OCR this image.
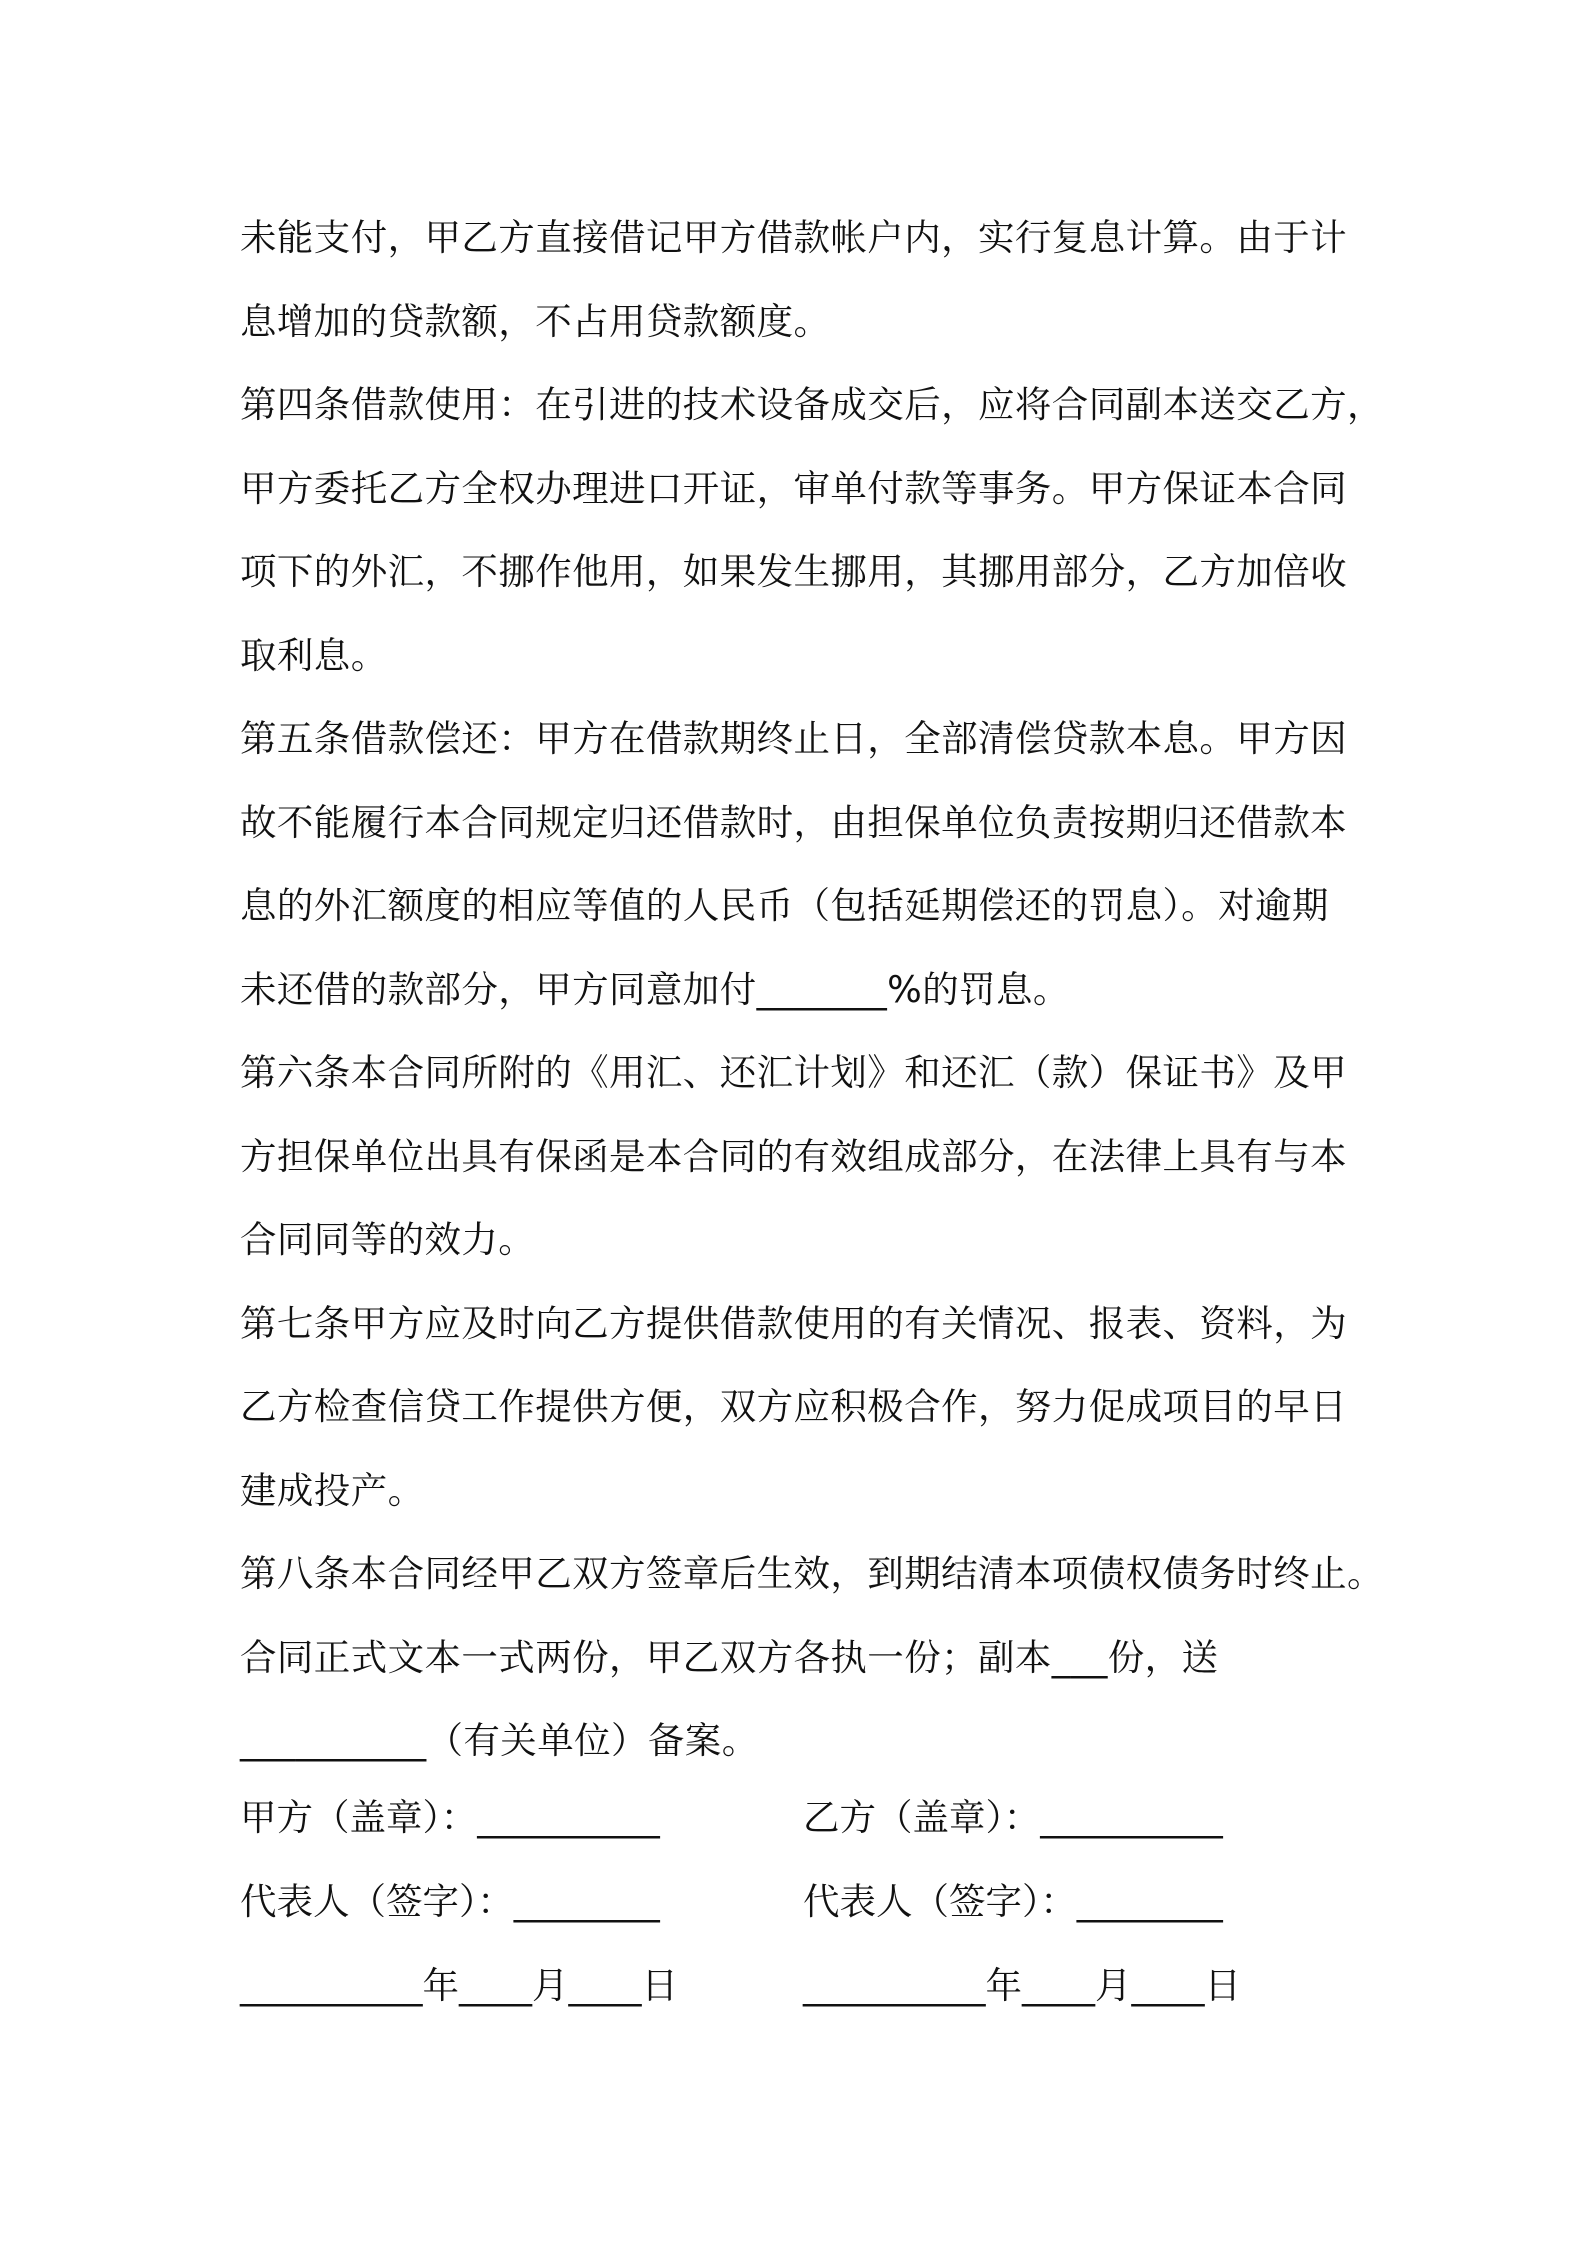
未能支付，甲乙方直接借记甲方借款帐户内，实行复息计算。由于计
息增加的贷款额，不占用贷款额度。
第四条借款使用：在引进的技术设备成交后，应将合同副本送交乙方，
甲方委托乙方全权办理进口开证，审单付款等事务。甲方保证本合同
项下的外汇，不挪作他用，如果发生挪用，其挪用部分，乙方加倍收
取利息。
第五条借款偿还：甲方在借款期终止日，全部清偿贷款本息。甲方因
故不能履行本合同规定归还借款时，由担保单位负责按期归还借款本
息的外汇额度的相应等值的人民币（包括延期偿还的罚息）。对逾期
未还借的款部分，甲方同意加付_______%的罚息。
第六条本合同所附的《用汇、还汇计划》和还汇（款）保证书》及甲
方担保单位出具有保函是本合同的有效组成部分，在法律上具有与本
合同同等的效力。
第七条甲方应及时向乙方提供借款使用的有关情况、报表、资料，为
乙方检查信贷工作提供方便，双方应积极合作，努力促成项目的早日
建成投产。
第八条本合同经甲乙双方签章后生效，到期结清本项债权债务时终止。
合同正式文本一式两份，甲乙双方各执一份；副本___份，送
__________（有关单位）备案。
甲方（盖章）：__________	乙方（盖章）：__________
代表人（签字）：________	代表人（签字）：________
__________年____月____日	__________年____月____日
